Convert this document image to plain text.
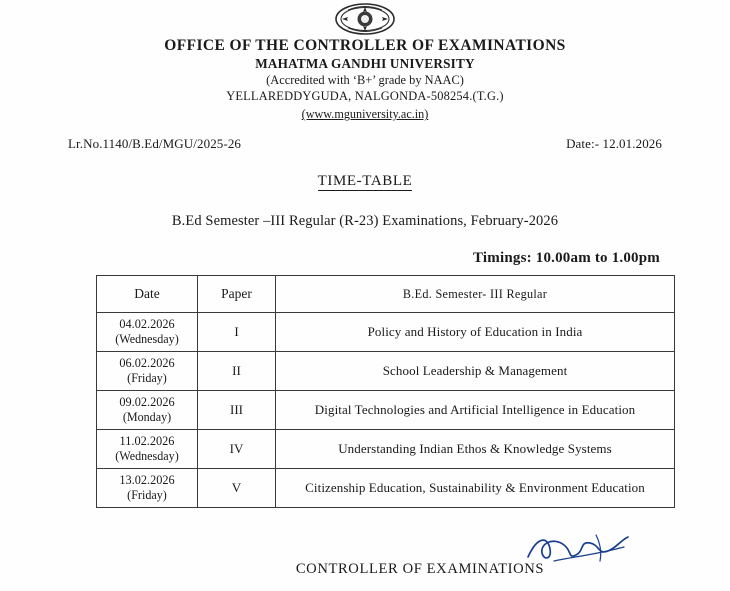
OFFICE OF THE CONTROLLER OF EXAMINATIONS
MAHATMA GANDHI UNIVERSITY
(Accredited with ‘B+’ grade by NAAC)
YELLAREDDYGUDA, NALGONDA-508254.(T.G.)
(www.mguniversity.ac.in)
Lr.No.1140/B.Ed/MGU/2025-26	Date:- 12.01.2026
TIME-TABLE
B.Ed Semester –III Regular (R-23) Examinations, February-2026
Timings: 10.00am to 1.00pm
Date	Paper	B.Ed. Semester- III Regular
04.02.2026
(Wednesday)	I	Policy and History of Education in India
06.02.2026
(Friday)	II	School Leadership & Management
09.02.2026
(Monday)	III	Digital Technologies and Artificial Intelligence in Education
11.02.2026
(Wednesday)	IV	Understanding Indian Ethos & Knowledge Systems
13.02.2026
(Friday)	V	Citizenship Education, Sustainability & Environment Education
CONTROLLER OF EXAMINATIONS
